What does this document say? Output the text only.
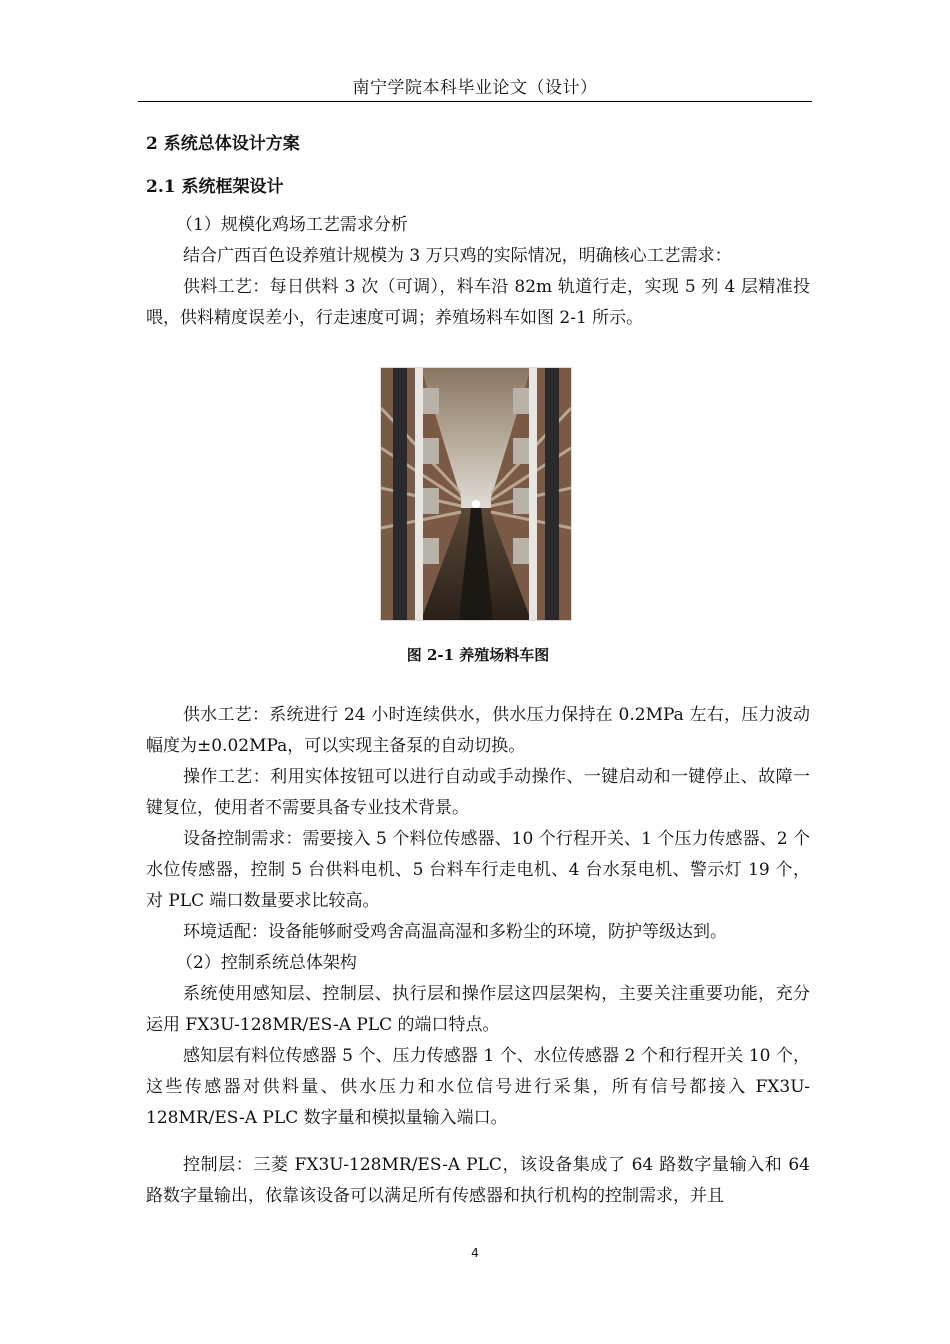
南宁学院本科毕业论文（设计）
2 系统总体设计方案
2.1 系统框架设计
（1）规模化鸡场工艺需求分析

结合广西百色设养殖计规模为 3 万只鸡的实际情况，明确核心工艺需求：

供料工艺：每日供料 3 次（可调），料车沿 82m 轨道行走，实现 5 列 4 层精准投喂，供料精度误差小，行走速度可调；养殖场料车如图 2-1 所示。

图 2-1 养殖场料车图

供水工艺：系统进行 24 小时连续供水，供水压力保持在 0.2MPa 左右，压力波动幅度为±0.02MPa，可以实现主备泵的自动切换。

操作工艺：利用实体按钮可以进行自动或手动操作、一键启动和一键停止、故障一键复位，使用者不需要具备专业技术背景。

设备控制需求：需要接入 5 个料位传感器、10 个行程开关、1 个压力传感器、2 个水位传感器，控制 5 台供料电机、5 台料车行走电机、4 台水泵电机、警示灯 19 个，对 PLC 端口数量要求比较高。

环境适配：设备能够耐受鸡舍高温高湿和多粉尘的环境，防护等级达到。

（2）控制系统总体架构

系统使用感知层、控制层、执行层和操作层这四层架构，主要关注重要功能，充分运用 FX3U-128MR/ES-A PLC 的端口特点。

感知层有料位传感器 5 个、压力传感器 1 个、水位传感器 2 个和行程开关 10 个，这些传感器对供料量、供水压力和水位信号进行采集，所有信号都接入 FX3U-128MR/ES-A PLC 数字量和模拟量输入端口。

控制层：三菱 FX3U-128MR/ES-A PLC，该设备集成了 64 路数字量输入和 64 路数字量输出，依靠该设备可以满足所有传感器和执行机构的控制需求，并且

4
